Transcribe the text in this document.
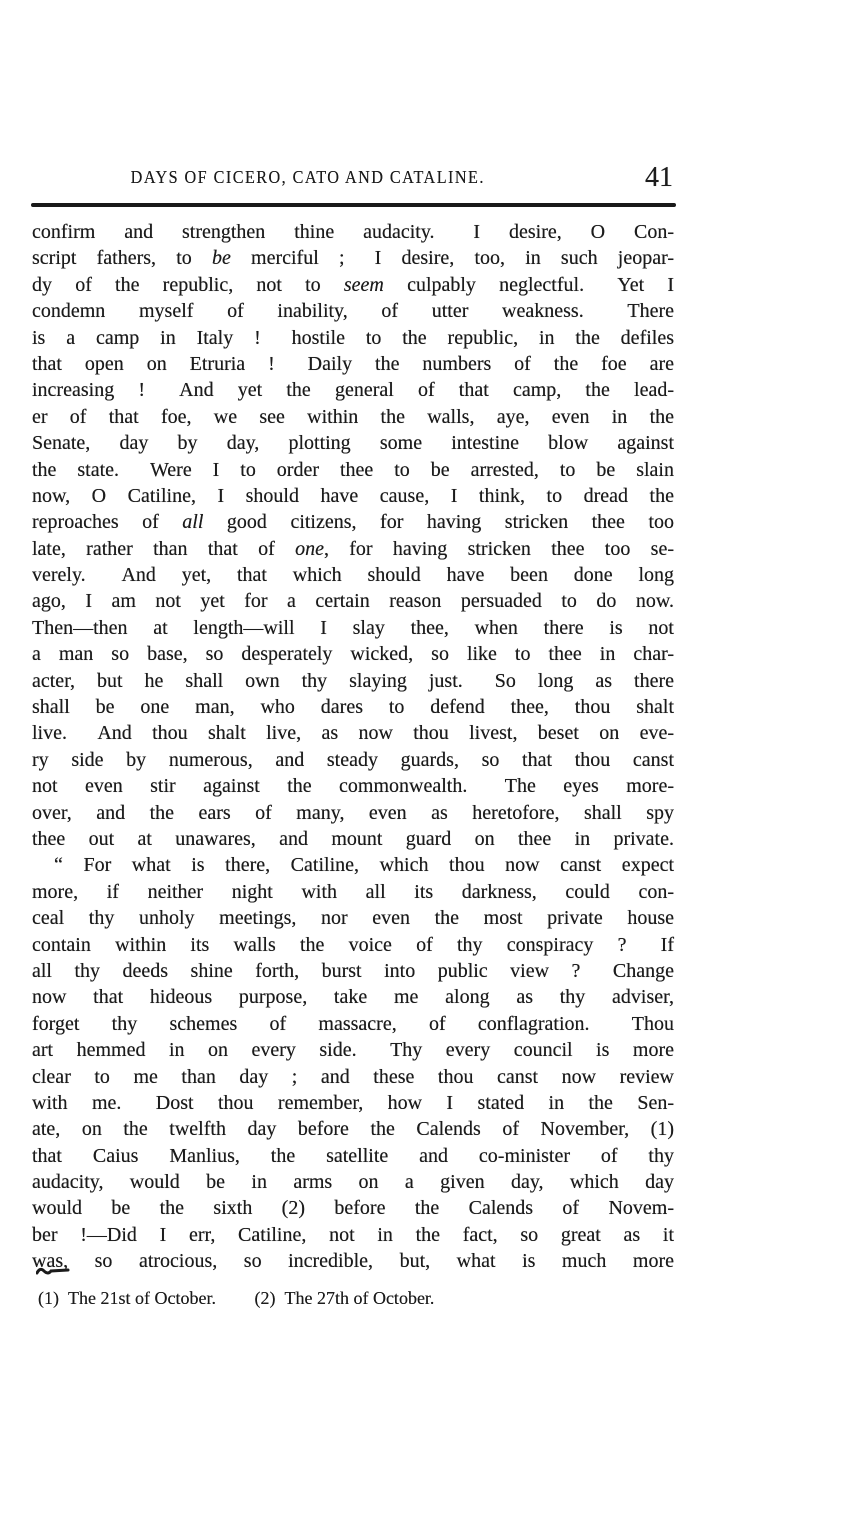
DAYS OF CICERO, CATO AND CATALINE.	41
confirm and strengthen thine audacity.  I desire, O Con-
script fathers, to be merciful ;  I desire, too, in such jeopar-
dy of the republic, not to seem culpably neglectful.  Yet I
condemn myself of inability, of utter weakness.  There
is a camp in Italy !  hostile to the republic, in the defiles
that open on Etruria !  Daily the numbers of the foe are
increasing !  And yet the general of that camp, the lead-
er of that foe, we see within the walls, aye, even in the
Senate, day by day, plotting some intestine blow against
the state.  Were I to order thee to be arrested, to be slain
now, O Catiline, I should have cause, I think, to dread the
reproaches of all good citizens, for having stricken thee too
late, rather than that of one, for having stricken thee too se-
verely.  And yet, that which should have been done long
ago, I am not yet for a certain reason persuaded to do now.
Then—then at length—will I slay thee, when there is not
a man so base, so desperately wicked, so like to thee in char-
acter, but he shall own thy slaying just.  So long as there
shall be one man, who dares to defend thee, thou shalt
live.  And thou shalt live, as now thou livest, beset on eve-
ry side by numerous, and steady guards, so that thou canst
not even stir against the commonwealth.  The eyes more-
over, and the ears of many, even as heretofore, shall spy
thee out at unawares, and mount guard on thee in private.
“ For what is there, Catiline, which thou now canst expect
more, if neither night with all its darkness, could con-
ceal thy unholy meetings, nor even the most private house
contain within its walls the voice of thy conspiracy ?  If
all thy deeds shine forth, burst into public view ?  Change
now that hideous purpose, take me along as thy adviser,
forget thy schemes of massacre, of conflagration.  Thou
art hemmed in on every side.  Thy every council is more
clear to me than day ; and these thou canst now review
with me.  Dost thou remember, how I stated in the Sen-
ate, on the twelfth day before the Calends of November, (1)
that Caius Manlius, the satellite and co-minister of thy
audacity, would be in arms on a given day, which day
would be the sixth (2) before the Calends of Novem-
ber !—Did I err, Catiline, not in the fact, so great as it
was, so atrocious, so incredible, but, what is much more
(1) The 21st of October. (2) The 27th of October.
